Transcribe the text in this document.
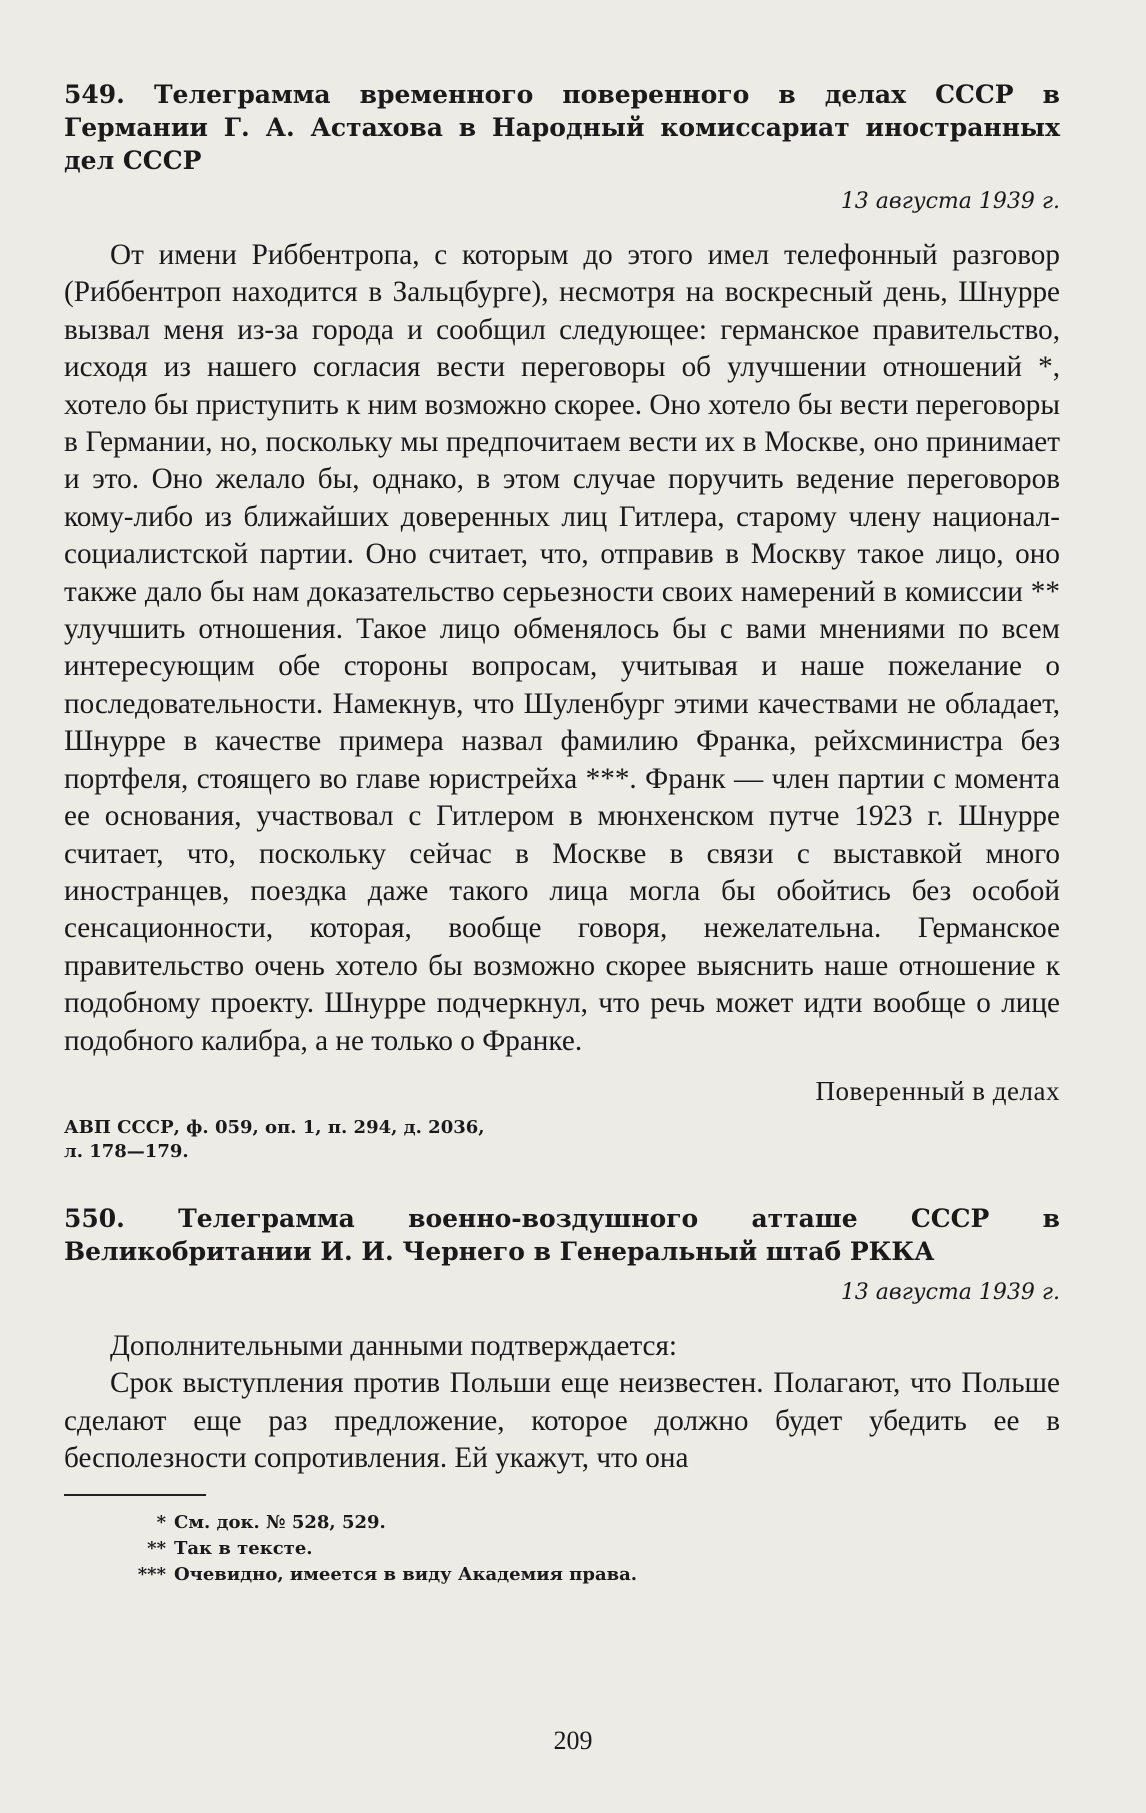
549. Телеграмма временного поверенного в делах СССР в Германии Г. А. Астахова в Народный комиссариат иностранных дел СССР
13 августа 1939 г.

От имени Риббентропа, с которым до этого имел телефонный разговор (Риббентроп находится в Зальцбурге), несмотря на воскресный день, Шнурре вызвал меня из-за города и сообщил следующее: германское правительство, исходя из нашего согласия вести переговоры об улучшении отношений *, хотело бы приступить к ним возможно скорее. Оно хотело бы вести переговоры в Германии, но, поскольку мы предпочитаем вести их в Москве, оно принимает и это. Оно желало бы, однако, в этом случае поручить ведение переговоров кому-либо из ближайших доверенных лиц Гитлера, старому члену национал-социалистской партии. Оно считает, что, отправив в Москву такое лицо, оно также дало бы нам доказательство серьезности своих намерений в комиссии ** улучшить отношения. Такое лицо обменялось бы с вами мнениями по всем интересующим обе стороны вопросам, учитывая и наше пожелание о последовательности. Намекнув, что Шуленбург этими качествами не обладает, Шнурре в качестве примера назвал фамилию Франка, рейхсминистра без портфеля, стоящего во главе юристрейха ***. Франк — член партии с момента ее основания, участвовал с Гитлером в мюнхенском путче 1923 г. Шнурре считает, что, поскольку сейчас в Москве в связи с выставкой много иностранцев, поездка даже такого лица могла бы обойтись без особой сенсационности, которая, вообще говоря, нежелательна. Германское правительство очень хотело бы возможно скорее выяснить наше отношение к подобному проекту. Шнурре подчеркнул, что речь может идти вообще о лице подобного калибра, а не только о Франке.

Поверенный в делах
АВП СССР, ф. 059, оп. 1, п. 294, д. 2036,
л. 178—179.
550. Телеграмма военно-воздушного атташе СССР в Великобритании И. И. Чернего в Генеральный штаб РККА
13 августа 1939 г.

Дополнительными данными подтверждается:

Срок выступления против Польши еще неизвестен. Полагают, что Польше сделают еще раз предложение, которое должно будет убедить ее в бесполезности сопротивления. Ей укажут, что она

* См. док. № 528, 529.
** Так в тексте.
*** Очевидно, имеется в виду Академия права.
209
